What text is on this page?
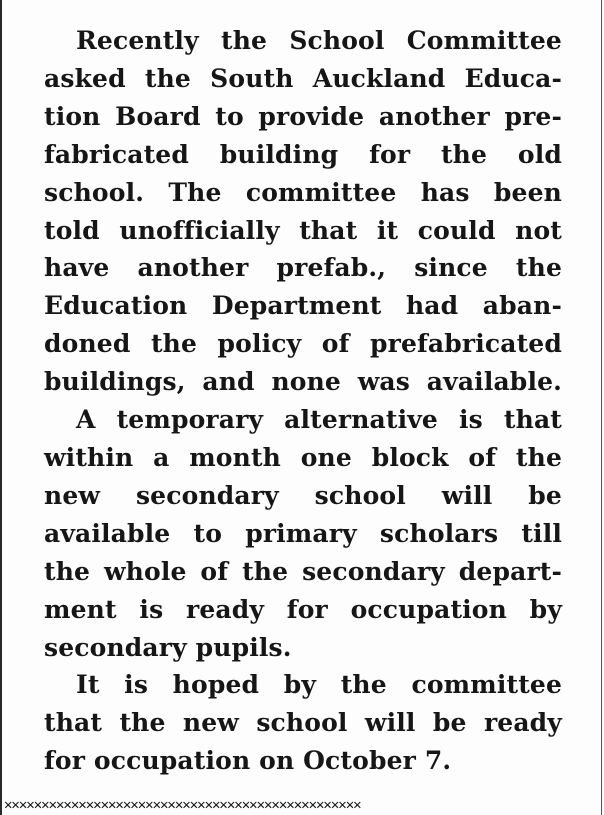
Recently the School Committee
asked the South Auckland Educa-
tion Board to provide another pre-
fabricated building for the old
school. The committee has been
told unofficially that it could not
have another prefab., since the
Education Department had aban-
doned the policy of prefabricated
buildings, and none was available.
A temporary alternative is that
within a month one block of the
new secondary school will be
available to primary scholars till
the whole of the secondary depart-
ment is ready for occupation by
secondary pupils.
It is hoped by the committee
that the new school will be ready
for occupation on October 7.
✕✕✕✕✕✕✕✕✕✕✕✕✕✕✕✕✕✕✕✕✕✕✕✕✕✕✕✕✕✕✕✕✕✕✕✕✕✕✕✕✕✕✕✕✕✕✕✕
